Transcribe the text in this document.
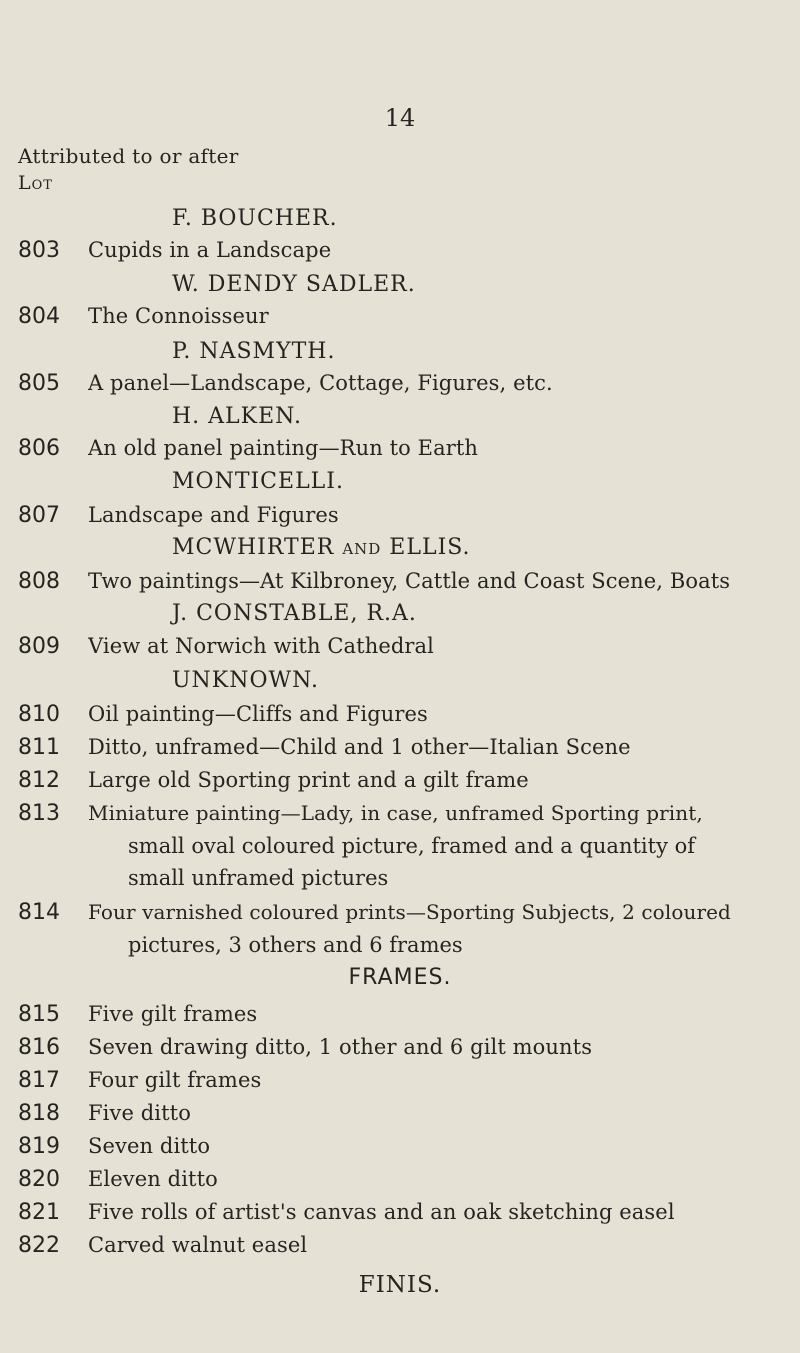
14
Attributed to or after
Lot
F. BOUCHER.
803	Cupids in a Landscape
W. DENDY SADLER.
804	The Connoisseur
P. NASMYTH.
805	A panel—Landscape, Cottage, Figures, etc.
H. ALKEN.
806	An old panel painting—Run to Earth
MONTICELLI.
807	Landscape and Figures
MCWHIRTER and ELLIS.
808	Two paintings—At Kilbroney, Cattle and Coast Scene, Boats
J. CONSTABLE, R.A.
809	View at Norwich with Cathedral
UNKNOWN.
810	Oil painting—Cliffs and Figures
811	Ditto, unframed—Child and 1 other—Italian Scene
812	Large old Sporting print and a gilt frame
813	Miniature painting—Lady, in case, unframed Sporting print,
small oval coloured picture, framed and a quantity of
small unframed pictures
814	Four varnished coloured prints—Sporting Subjects, 2 coloured
pictures, 3 others and 6 frames
FRAMES.
815	Five gilt frames
816	Seven drawing ditto, 1 other and 6 gilt mounts
817	Four gilt frames
818	Five ditto
819	Seven ditto
820	Eleven ditto
821	Five rolls of artist's canvas and an oak sketching easel
822	Carved walnut easel
FINIS.
